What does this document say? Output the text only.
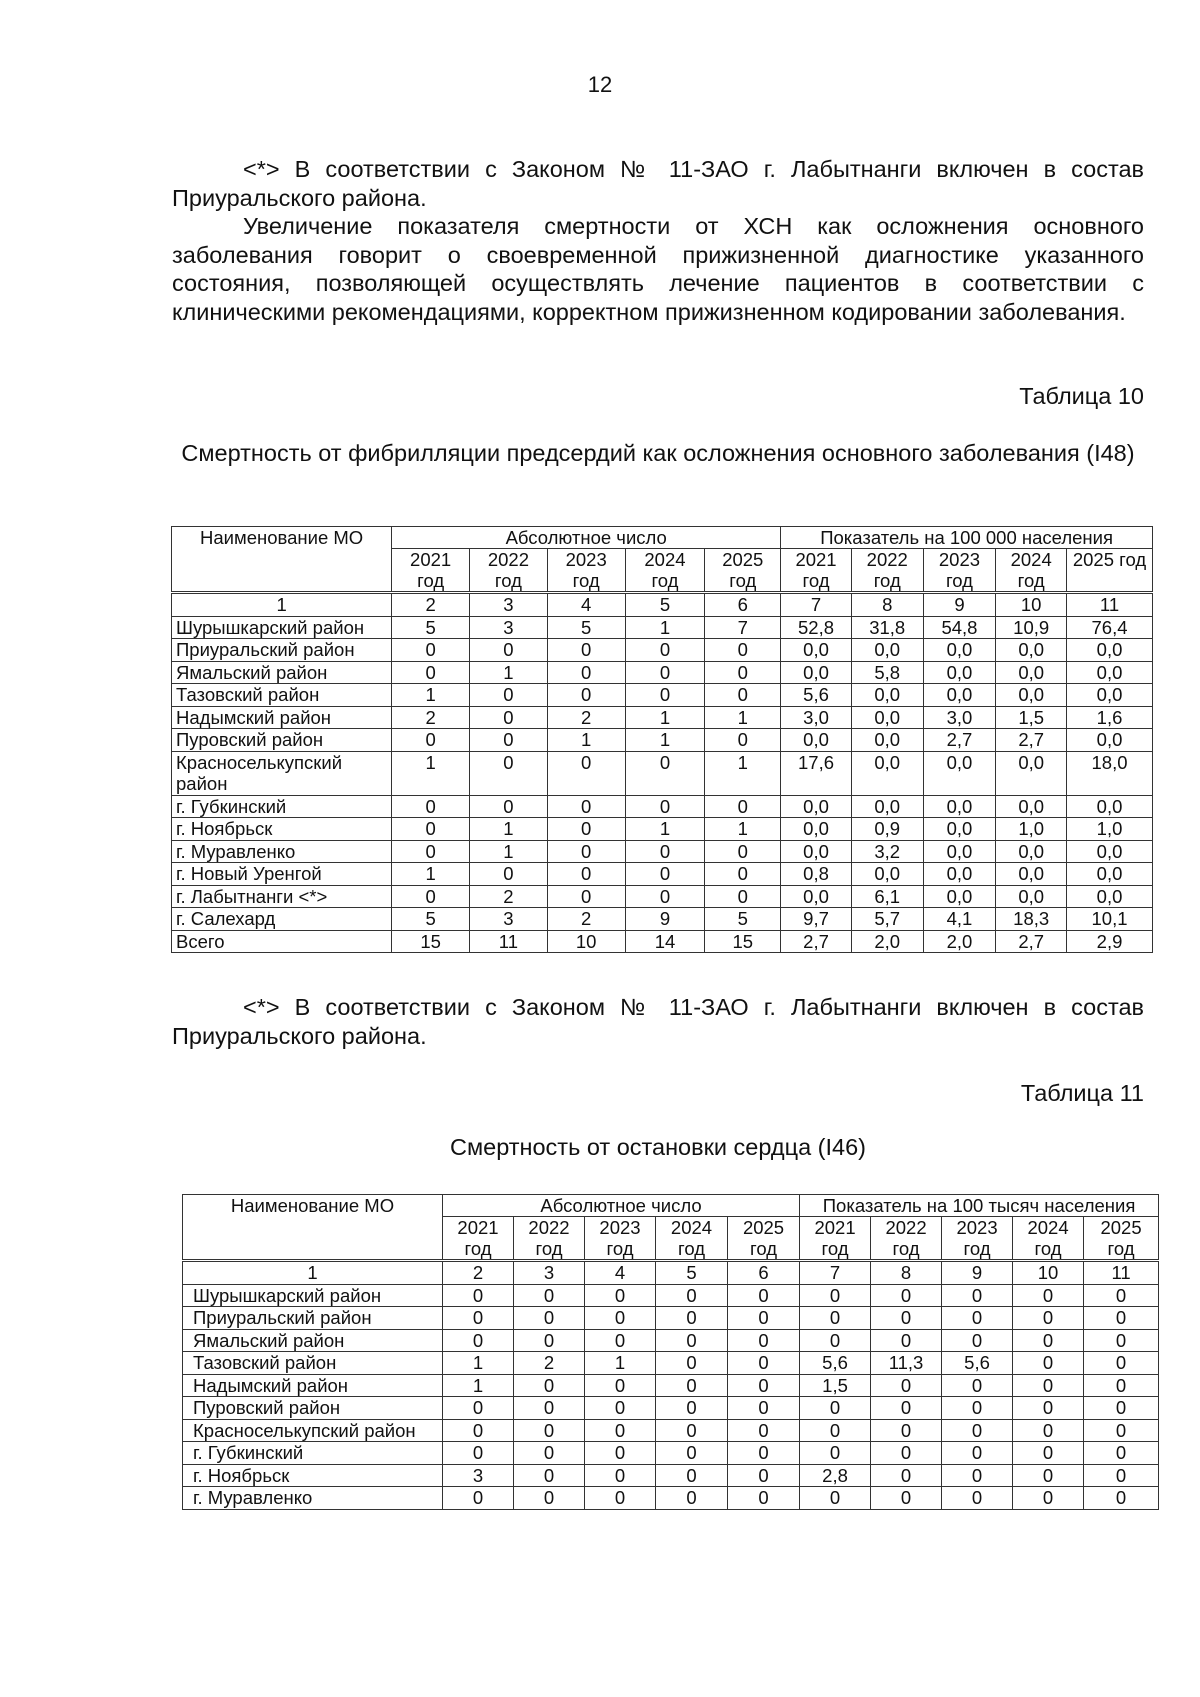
12

<*> В соответствии с Законом № 11-ЗАО г. Лабытнанги включен в состав Приуральского района.

Увеличение показателя смертности от ХСН как осложнения основного заболевания говорит о своевременной прижизненной диагностике указанного состояния, позволяющей осуществлять лечение пациентов в соответствии с клиническими рекомендациями, корректном прижизненном кодировании заболевания.

Таблица 10

Смертность от фибрилляции предсердий как осложнения основного заболевания (I48)

Наименование МО	Абсолютное число					Показатель на 100 000 населения				
	2021 год	2022 год	2023 год	2024 год	2025 год	2021 год	2022 год	2023 год	2024 год	2025 год
1	2	3	4	5	6	7	8	9	10	11
Шурышкарский район	5	3	5	1	7	52,8	31,8	54,8	10,9	76,4
Приуральский район	0	0	0	0	0	0,0	0,0	0,0	0,0	0,0
Ямальский район	0	1	0	0	0	0,0	5,8	0,0	0,0	0,0
Тазовский район	1	0	0	0	0	5,6	0,0	0,0	0,0	0,0
Надымский район	2	0	2	1	1	3,0	0,0	3,0	1,5	1,6
Пуровский район	0	0	1	1	0	0,0	0,0	2,7	2,7	0,0
Красноселькупский район	1	0	0	0	1	17,6	0,0	0,0	0,0	18,0
г. Губкинский	0	0	0	0	0	0,0	0,0	0,0	0,0	0,0
г. Ноябрьск	0	1	0	1	1	0,0	0,9	0,0	1,0	1,0
г. Муравленко	0	1	0	0	0	0,0	3,2	0,0	0,0	0,0
г. Новый Уренгой	1	0	0	0	0	0,8	0,0	0,0	0,0	0,0
г. Лабытнанги <*>	0	2	0	0	0	0,0	6,1	0,0	0,0	0,0
г. Салехард	5	3	2	9	5	9,7	5,7	4,1	18,3	10,1
Всего	15	11	10	14	15	2,7	2,0	2,0	2,7	2,9

<*> В соответствии с Законом № 11-ЗАО г. Лабытнанги включен в состав Приуральского района.

Таблица 11

Смертность от остановки сердца (I46)

Наименование МО	Абсолютное число					Показатель на 100 тысяч населения				
	2021 год	2022 год	2023 год	2024 год	2025 год	2021 год	2022 год	2023 год	2024 год	2025 год
1	2	3	4	5	6	7	8	9	10	11
Шурышкарский район	0	0	0	0	0	0	0	0	0	0
Приуральский район	0	0	0	0	0	0	0	0	0	0
Ямальский район	0	0	0	0	0	0	0	0	0	0
Тазовский район	1	2	1	0	0	5,6	11,3	5,6	0	0
Надымский район	1	0	0	0	0	1,5	0	0	0	0
Пуровский район	0	0	0	0	0	0	0	0	0	0
Красноселькупский район	0	0	0	0	0	0	0	0	0	0
г. Губкинский	0	0	0	0	0	0	0	0	0	0
г. Ноябрьск	3	0	0	0	0	2,8	0	0	0	0
г. Муравленко	0	0	0	0	0	0	0	0	0	0
